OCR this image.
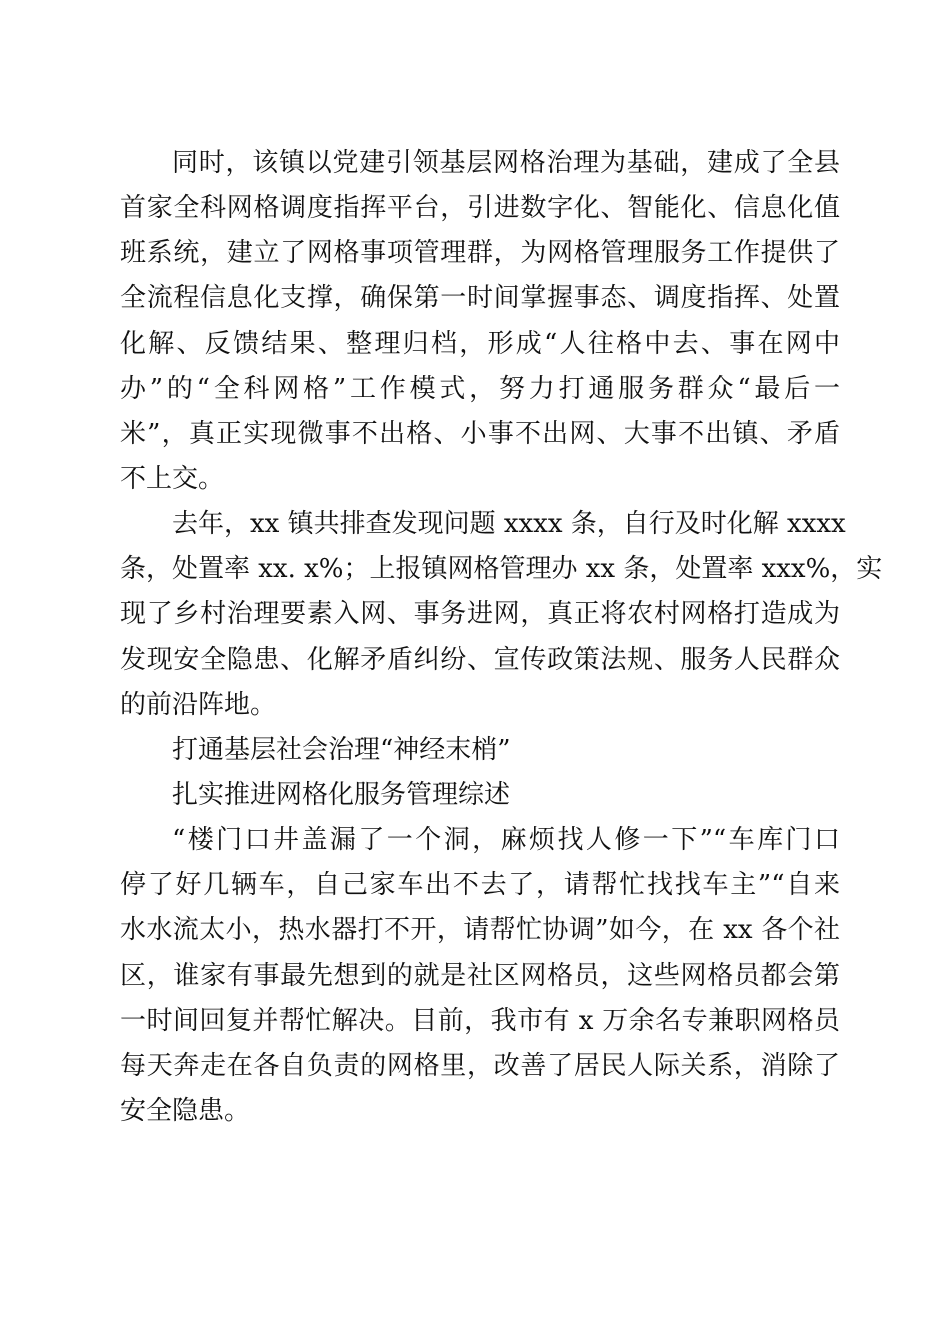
同时，该镇以党建引领基层网格治理为基础，建成了全县
首家全科网格调度指挥平台，引进数字化、智能化、信息化值
班系统，建立了网格事项管理群，为网格管理服务工作提供了
全流程信息化支撑，确保第一时间掌握事态、调度指挥、处置
化解、反馈结果、整理归档，形成“人往格中去、事在网中
办”的“全科网格”工作模式，努力打通服务群众“最后一
米”，真正实现微事不出格、小事不出网、大事不出镇、矛盾
不上交。
去年，xx 镇共排查发现问题 xxxx 条，自行及时化解 xxxx
条，处置率 xx. x%；上报镇网格管理办 xx 条，处置率 xxx%，实
现了乡村治理要素入网、事务进网，真正将农村网格打造成为
发现安全隐患、化解矛盾纠纷、宣传政策法规、服务人民群众
的前沿阵地。
打通基层社会治理“神经末梢”
扎实推进网格化服务管理综述
“楼门口井盖漏了一个洞，麻烦找人修一下”“车库门口
停了好几辆车，自己家车出不去了，请帮忙找找车主”“自来
水水流太小，热水器打不开，请帮忙协调”如今，在 xx 各个社
区，谁家有事最先想到的就是社区网格员，这些网格员都会第
一时间回复并帮忙解决。目前，我市有 x 万余名专兼职网格员
每天奔走在各自负责的网格里，改善了居民人际关系，消除了
安全隐患。
